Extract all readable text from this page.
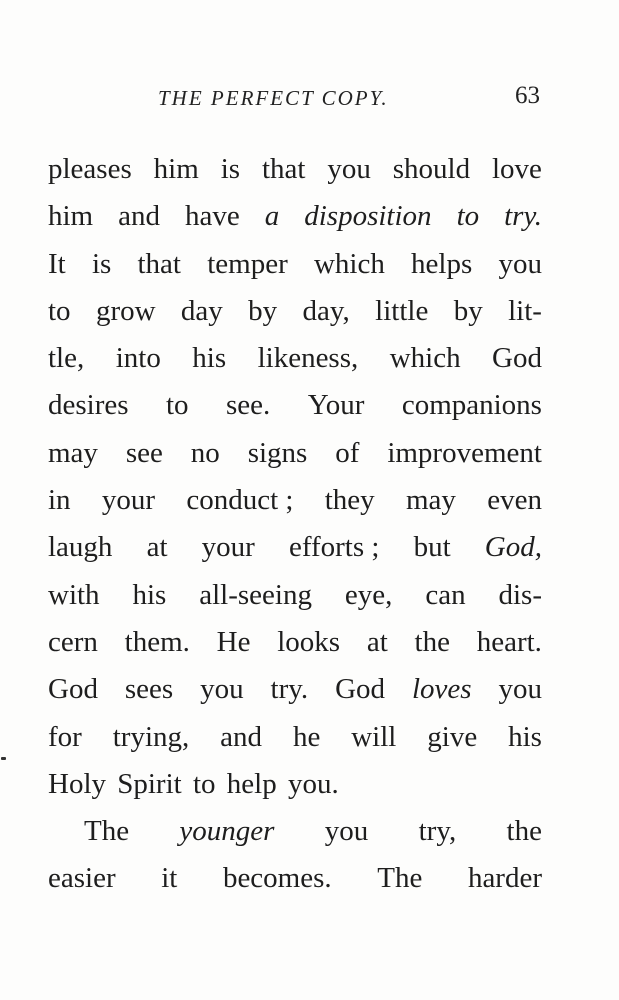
THE PERFECT COPY.	63
pleases him is that you should love
him and have a disposition to try.
It is that temper which helps you
to grow day by day, little by lit-
tle, into his likeness, which God
desires to see. Your companions
may see no signs of improvement
in your conduct ; they may even
laugh at your efforts ; but God,
with his all-seeing eye, can dis-
cern them. He looks at the heart.
God sees you try. God loves you
for trying, and he will give his
Holy
Spirit
to
help
you.
The younger you try, the
easier it becomes. The harder
